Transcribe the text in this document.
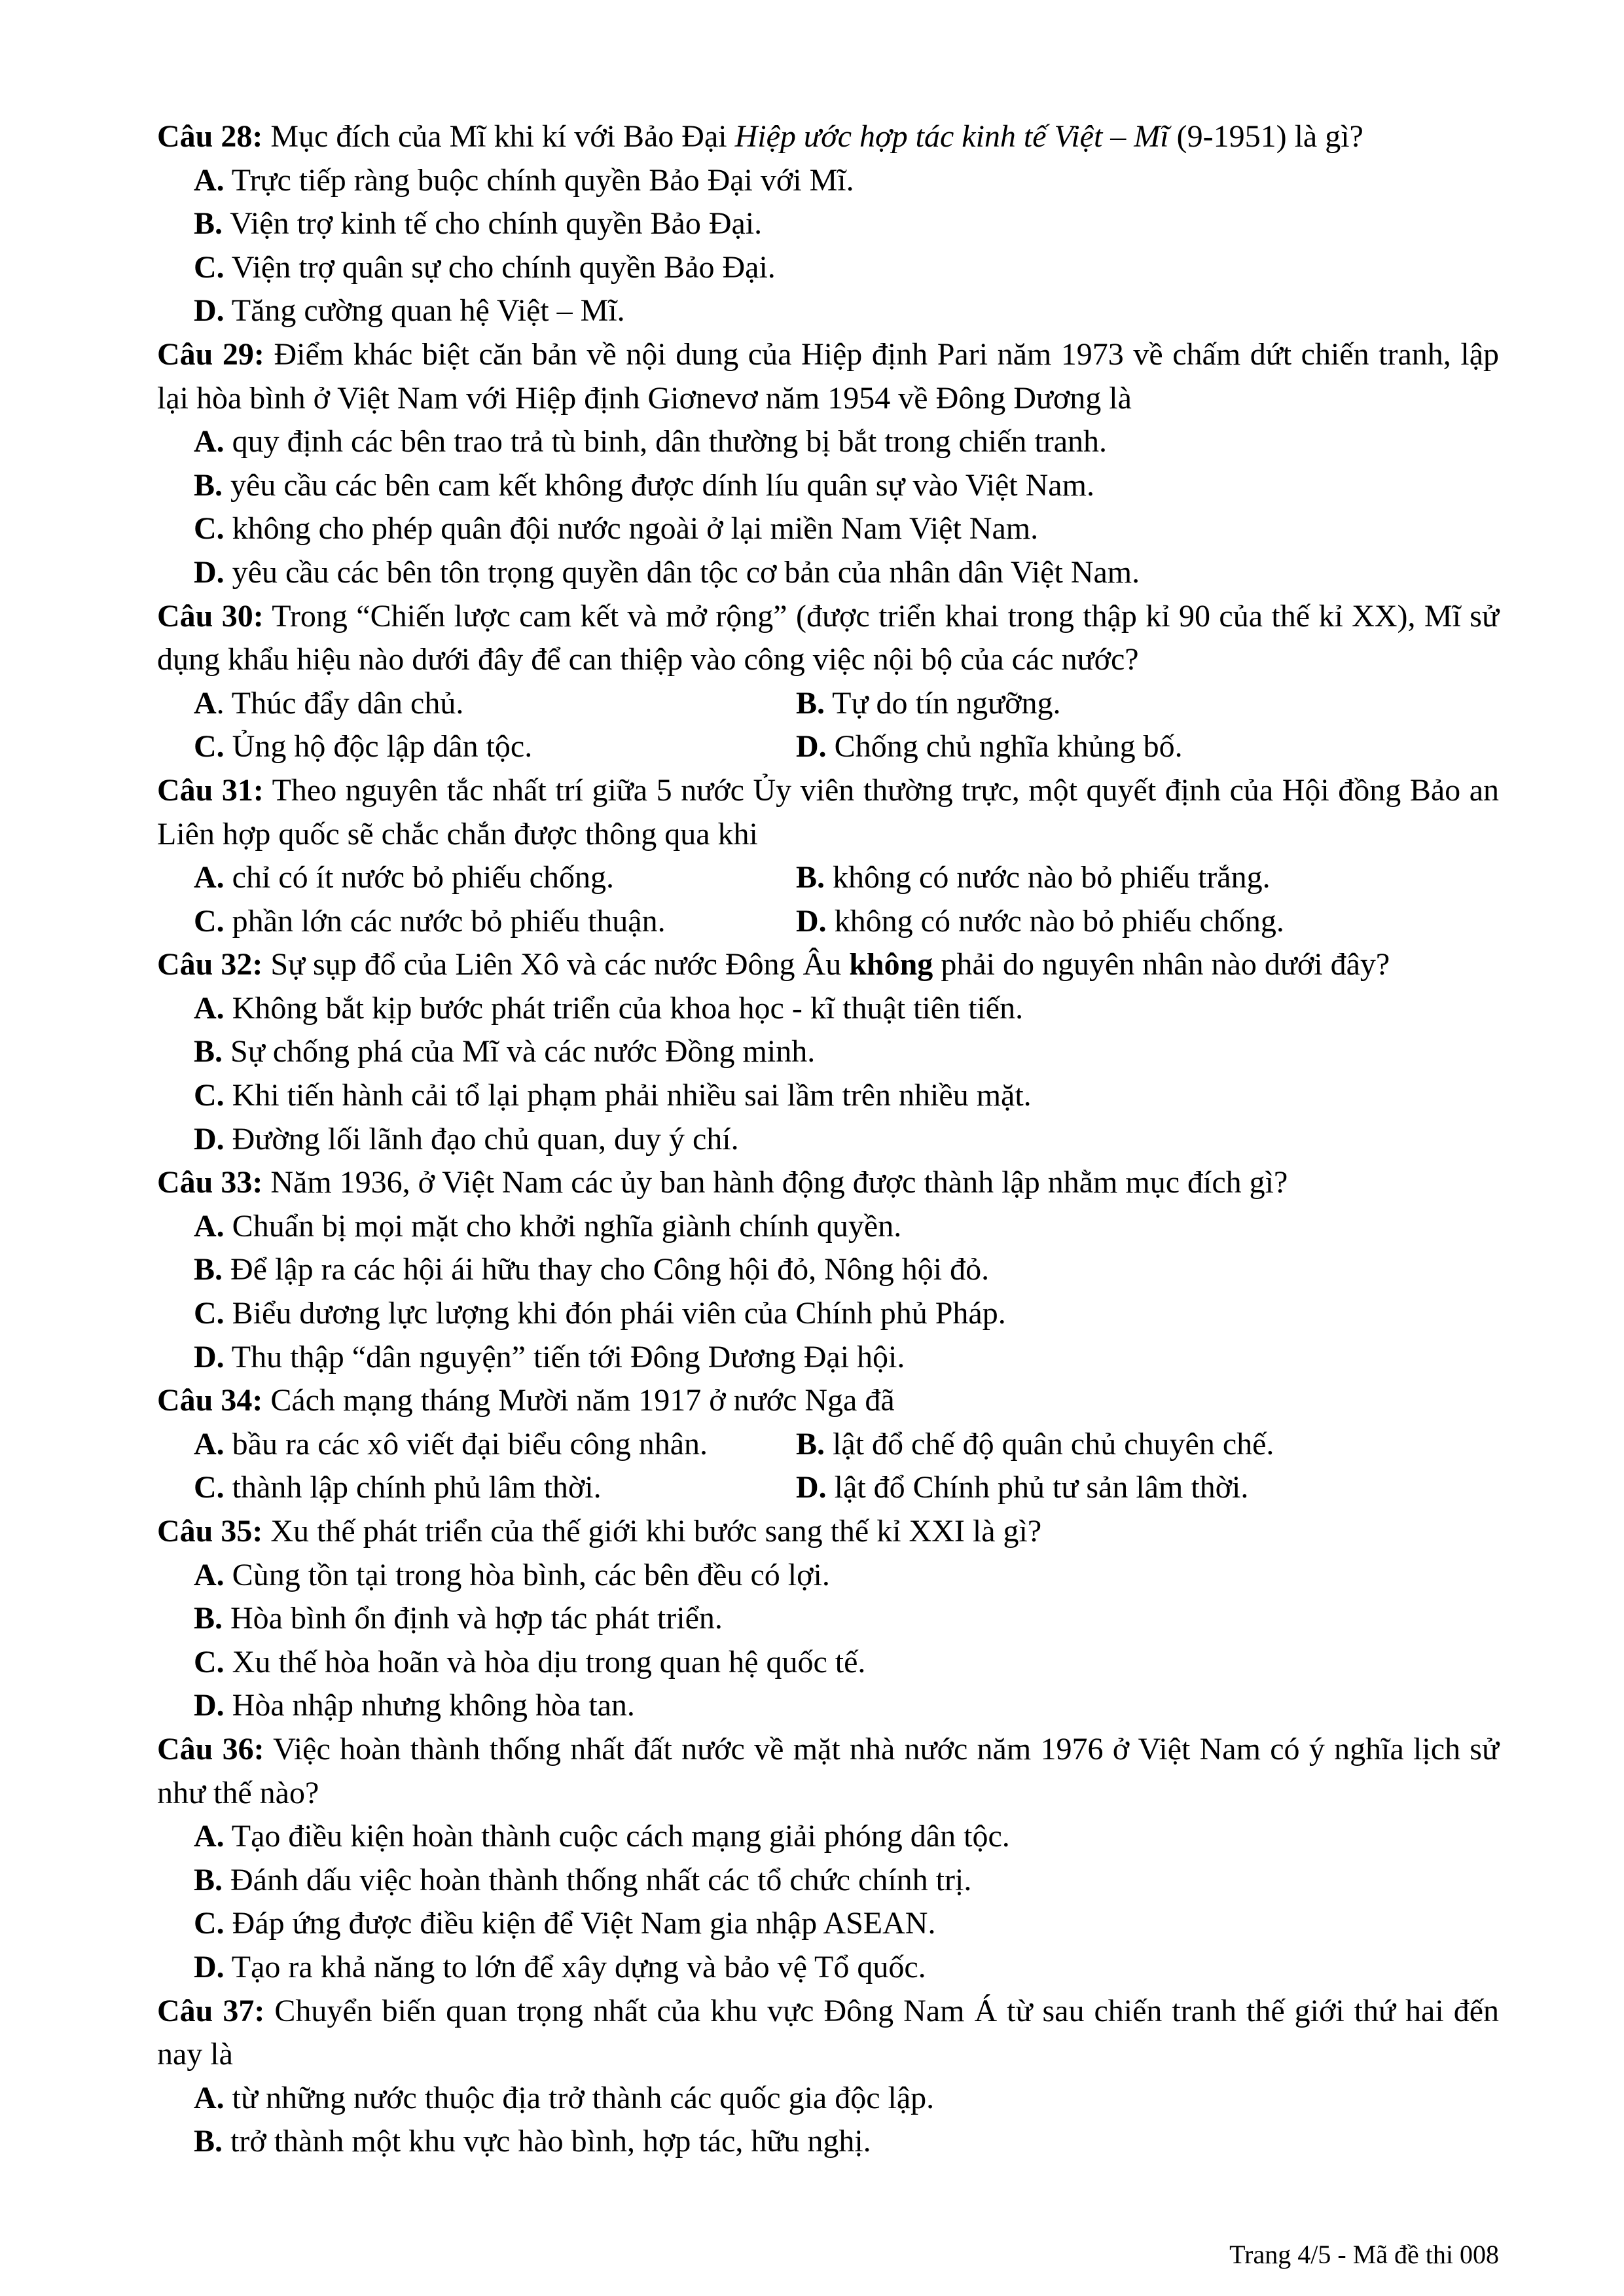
Câu 28: Mục đích của Mĩ khi kí với Bảo Đại Hiệp ước hợp tác kinh tế Việt – Mĩ (9-1951) là gì?
A. Trực tiếp ràng buộc chính quyền Bảo Đại với Mĩ.
B. Viện trợ kinh tế cho chính quyền Bảo Đại.
C. Viện trợ quân sự cho chính quyền Bảo Đại.
D. Tăng cường quan hệ Việt – Mĩ.
Câu 29: Điểm khác biệt căn bản về nội dung của Hiệp định Pari năm 1973 về chấm dứt chiến tranh, lập lại hòa bình ở Việt Nam với Hiệp định Giơnevơ năm 1954 về Đông Dương là
A. quy định các bên trao trả tù binh, dân thường bị bắt trong chiến tranh.
B. yêu cầu các bên cam kết không được dính líu quân sự vào Việt Nam.
C. không cho phép quân đội nước ngoài ở lại miền Nam Việt Nam.
D. yêu cầu các bên tôn trọng quyền dân tộc cơ bản của nhân dân Việt Nam.
Câu 30: Trong “Chiến lược cam kết và mở rộng” (được triển khai trong thập kỉ 90 của thế kỉ XX), Mĩ sử dụng khẩu hiệu nào dưới đây để can thiệp vào công việc nội bộ của các nước?
A. Thúc đẩy dân chủ.	B. Tự do tín ngưỡng.
C. Ủng hộ độc lập dân tộc.	D. Chống chủ nghĩa khủng bố.
Câu 31: Theo nguyên tắc nhất trí giữa 5 nước Ủy viên thường trực, một quyết định của Hội đồng Bảo an Liên hợp quốc sẽ chắc chắn được thông qua khi
A. chỉ có ít nước bỏ phiếu chống.	B. không có nước nào bỏ phiếu trắng.
C. phần lớn các nước bỏ phiếu thuận.	D. không có nước nào bỏ phiếu chống.
Câu 32: Sự sụp đổ của Liên Xô và các nước Đông Âu không phải do nguyên nhân nào dưới đây?
A. Không bắt kịp bước phát triển của khoa học - kĩ thuật tiên tiến.
B. Sự chống phá của Mĩ và các nước Đồng minh.
C. Khi tiến hành cải tổ lại phạm phải nhiều sai lầm trên nhiều mặt.
D. Đường lối lãnh đạo chủ quan, duy ý chí.
Câu 33: Năm 1936, ở Việt Nam các ủy ban hành động được thành lập nhằm mục đích gì?
A. Chuẩn bị mọi mặt cho khởi nghĩa giành chính quyền.
B. Để lập ra các hội ái hữu thay cho Công hội đỏ, Nông hội đỏ.
C. Biểu dương lực lượng khi đón phái viên của Chính phủ Pháp.
D. Thu thập “dân nguyện” tiến tới Đông Dương Đại hội.
Câu 34: Cách mạng tháng Mười năm 1917 ở nước Nga đã
A. bầu ra các xô viết đại biểu công nhân.	B. lật đổ chế độ quân chủ chuyên chế.
C. thành lập chính phủ lâm thời.	D. lật đổ Chính phủ tư sản lâm thời.
Câu 35: Xu thế phát triển của thế giới khi bước sang thế kỉ XXI là gì?
A. Cùng tồn tại trong hòa bình, các bên đều có lợi.
B. Hòa bình ổn định và hợp tác phát triển.
C. Xu thế hòa hoãn và hòa dịu trong quan hệ quốc tế.
D. Hòa nhập nhưng không hòa tan.
Câu 36: Việc hoàn thành thống nhất đất nước về mặt nhà nước năm 1976 ở Việt Nam có ý nghĩa lịch sử như thế nào?
A. Tạo điều kiện hoàn thành cuộc cách mạng giải phóng dân tộc.
B. Đánh dấu việc hoàn thành thống nhất các tổ chức chính trị.
C. Đáp ứng được điều kiện để Việt Nam gia nhập ASEAN.
D. Tạo ra khả năng to lớn để xây dựng và bảo vệ Tổ quốc.
Câu 37: Chuyển biến quan trọng nhất của khu vực Đông Nam Á từ sau chiến tranh thế giới thứ hai đến nay là
A. từ những nước thuộc địa trở thành các quốc gia độc lập.
B. trở thành một khu vực hào bình, hợp tác, hữu nghị.
Trang 4/5 - Mã đề thi 008
